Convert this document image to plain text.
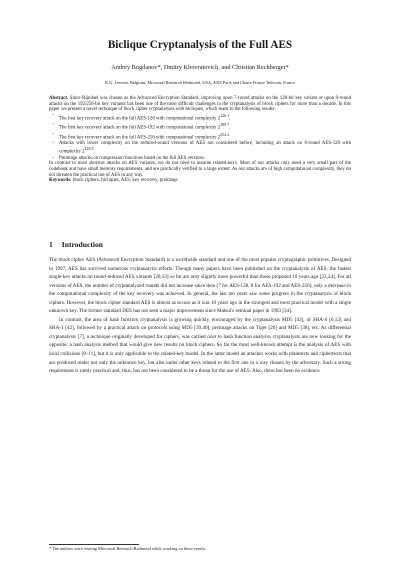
Biclique Cryptanalysis of the Full AES
Andrey Bogdanov*, Dmitry Khovratovich, and Christian Rechberger*
K.U. Leuven, Belgium; Microsoft Research Redmond, USA; ENS Paris and Chaire France Telecom, France

Abstract. Since Rijndael was chosen as the Advanced Encryption Standard, improving upon 7-round attacks on the 128-bit key variant or upon 9-round attacks on the 192/256-bit key variants has been one of the most difficult challenges in the cryptanalysis of block ciphers for more than a decade. In this paper we present a novel technique of block cipher cryptanalysis with bicliques, which leads to the following results:

– The first key recovery attack on the full AES-128 with computational complexity $2^{126.1}$.
– The first key recovery attack on the full AES-192 with computational complexity $2^{189.7}$.
– The first key recovery attack on the full AES-256 with computational complexity $2^{254.4}$.
– Attacks with lower complexity on the reduced-round versions of AES not considered before, including an attack on 8-round AES-128 with complexity $2^{124.9}$.
– Preimage attacks on compression functions based on the full AES versions.

In contrast to most shortcut attacks on AES variants, we do not need to assume related-keys. Most of our attacks only need a very small part of the codebook and have small memory requirements, and are practically verified to a large extent. As our attacks are of high computational complexity, they do not threaten the practical use of AES in any way.

Keywords: block ciphers, bicliques, AES, key recovery, preimage

1 Introduction

The block cipher AES (Advanced Encryption Standard) is a worldwide standard and one of the most popular cryptographic primitives. Designed in 1997, AES has survived numerous cryptanalytic efforts. Though many papers have been published on the cryptanalysis of AES, the fastest single-key attacks on round-reduced AES variants [20,33] so far are only slightly more powerful than those proposed 10 years ago [23,24]. For all versions of AES, the number of cryptanalyzed rounds did not increase since then (7 for AES-128, 8 for AES-192 and AES-256), only a decrease in the computational complexity of the key recovery was achieved. In general, the last ten years saw some progress in the cryptanalysis of block ciphers. However, the block cipher standard AES is almost as secure as it was 10 years ago in the strongest and most practical model with a single unknown key. The former standard DES has not seen a major improvement since Matsui's seminal paper in 1993 [34].

In contrast, the area of hash function cryptanalysis is growing quickly, encouraged by the cryptanalysis MD5 [43], of SHA-0 [6,13] and SHA-1 [42], followed by a practical attack on protocols using MD5 [39,40], preimage attacks on Tiger [26] and MD5 [38], etc. As differential cryptanalysis [7], a technique originally developed for ciphers, was carried over to hash function analysis, cryptanalysts are now looking for the opposite: a hash analysis method that would give new results on block ciphers. So far the most well-known attempt is the analysis of AES with local collisions [8–11], but it is only applicable to the related-key model. In the latter model an attacker works with plaintexts and ciphertexts that are produced under not only the unknown key, but also under other keys related to the first one in a way chosen by the adversary. Such a strong requirement is rarely practical and, thus, has not been considered to be a threat for the use of AES. Also, there has been no evidence

* The authors were visiting Microsoft Research Redmond while working on these results.
